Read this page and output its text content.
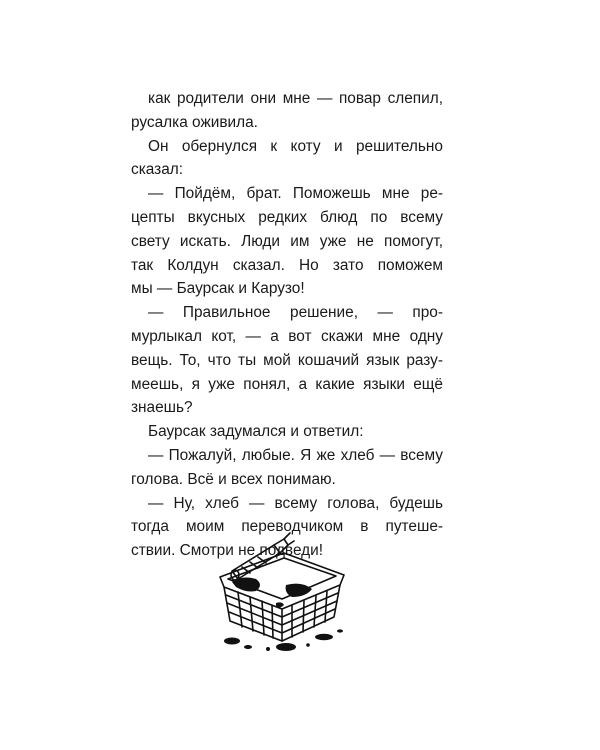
как родители они мне — повар слепил,
русалка оживила.
Он обернулся к коту и решительно
сказал:
— Пойдём, брат. Поможешь мне ре-
цепты вкусных редких блюд по всему
свету искать. Люди им уже не помогут,
так Колдун сказал. Но зато поможем
мы — Баурсак и Карузо!
— Правильное решение, — про-
мурлыкал кот, — а вот скажи мне одну
вещь. То, что ты мой кошачий язык разу-
меешь, я уже понял, а какие языки ещё
знаешь?
Баурсак задумался и ответил:
— Пожалуй, любые. Я же хлеб — всему
голова. Всё и всех понимаю.
— Ну, хлеб — всему голова, будешь
тогда моим переводчиком в путеше-
ствии. Смотри не подведи!
